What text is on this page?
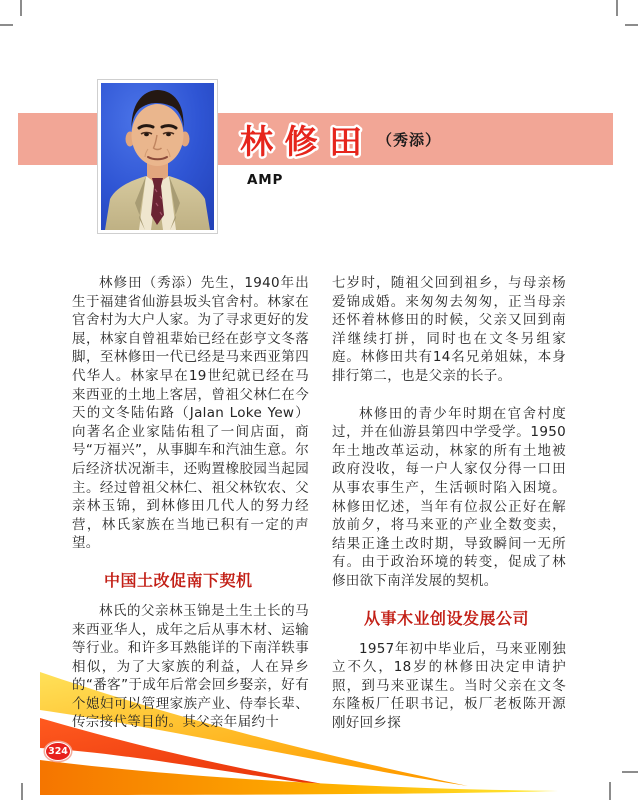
林 修 田 （秀添）
AMP

林修田（秀添）先生，1940年出生于福建省仙游县坂头官舍村。林家在官舍村为大户人家。为了寻求更好的发展，林家自曾祖辈始已经在彭亨文冬落脚，至林修田一代已经是马来西亚第四代华人。林家早在19世纪就已经在马来西亚的土地上客居，曾祖父林仁在今天的文冬陆佑路（Jalan Loke Yew）向著名企业家陆佑租了一间店面，商号“万福兴”，从事脚车和汽油生意。尔后经济状况渐丰，还购置橡胶园当起园主。经过曾祖父林仁、祖父林钦农、父亲林玉锦，到林修田几代人的努力经营，林氏家族在当地已积有一定的声望。

中国土改促南下契机

林氏的父亲林玉锦是土生土长的马来西亚华人，成年之后从事木材、运输等行业。和许多耳熟能详的下南洋轶事相似，为了大家族的利益，人在异乡的“番客”于成年后常会回乡娶亲，好有个媳妇可以管理家族产业、侍奉长辈、传宗接代等目的。其父亲年届约十

七岁时，随祖父回到祖乡，与母亲杨爱锦成婚。来匆匆去匆匆，正当母亲还怀着林修田的时候，父亲又回到南洋继续打拼，同时也在文冬另组家庭。林修田共有14名兄弟姐妹，本身排行第二，也是父亲的长子。

林修田的青少年时期在官舍村度过，并在仙游县第四中学受学。1950年土地改革运动，林家的所有土地被政府没收，每一户人家仅分得一口田从事农事生产，生活顿时陷入困境。林修田忆述，当年有位叔公正好在解放前夕，将马来亚的产业全数变卖，结果正逢土改时期，导致瞬间一无所有。由于政治环境的转变，促成了林修田欲下南洋发展的契机。

从事木业创设发展公司

1957年初中毕业后，马来亚刚独立不久，18岁的林修田决定申请护照，到马来亚谋生。当时父亲在文冬东隆板厂任职书记，板厂老板陈开源刚好回乡探

324
